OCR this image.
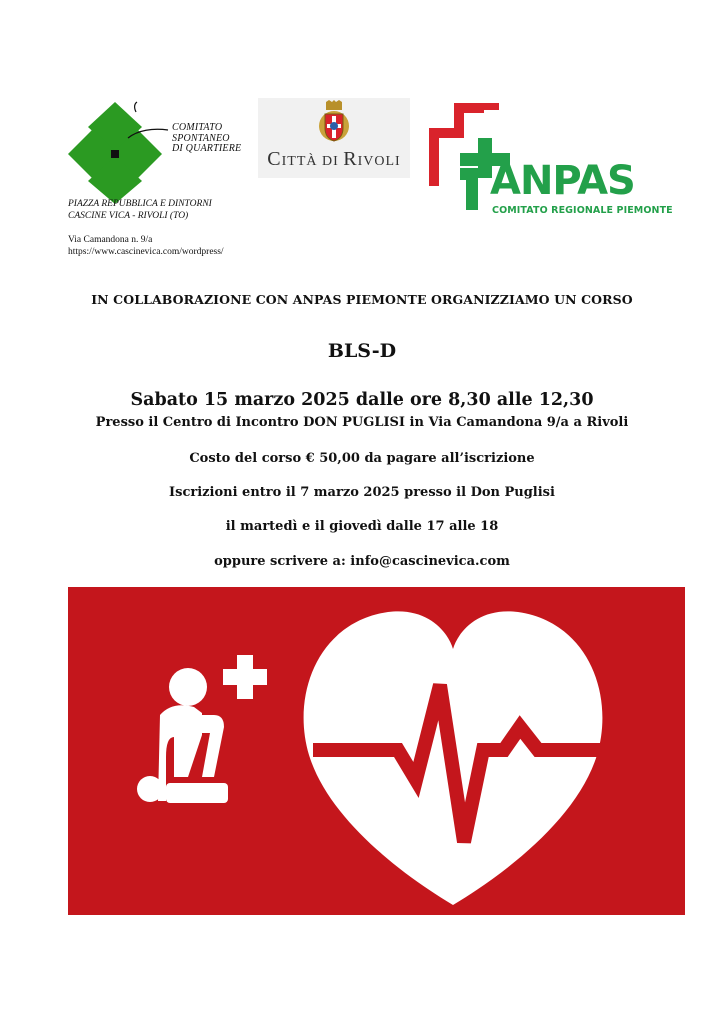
COMITATO
SPONTANEO
DI QUARTIERE
PIAZZA REPUBBLICA E DINTORNI
CASCINE VICA - RIVOLI (TO)
Via Camandona n. 9/a
https://www.cascinevica.com/wordpress/
CITTÀ DI RIVOLI ANPAS
COMITATO REGIONALE PIEMONTE
IN COLLABORAZIONE CON ANPAS PIEMONTE ORGANIZZIAMO UN CORSO
BLS-D
Sabato 15 marzo 2025 dalle ore 8,30 alle 12,30
Presso il Centro di Incontro DON PUGLISI in Via Camandona 9/a a Rivoli
Costo del corso € 50,00 da pagare all’iscrizione
Iscrizioni entro il 7 marzo 2025 presso il Don Puglisi
il martedì e il giovedì dalle 17 alle 18
oppure scrivere a: info@cascinevica.com
